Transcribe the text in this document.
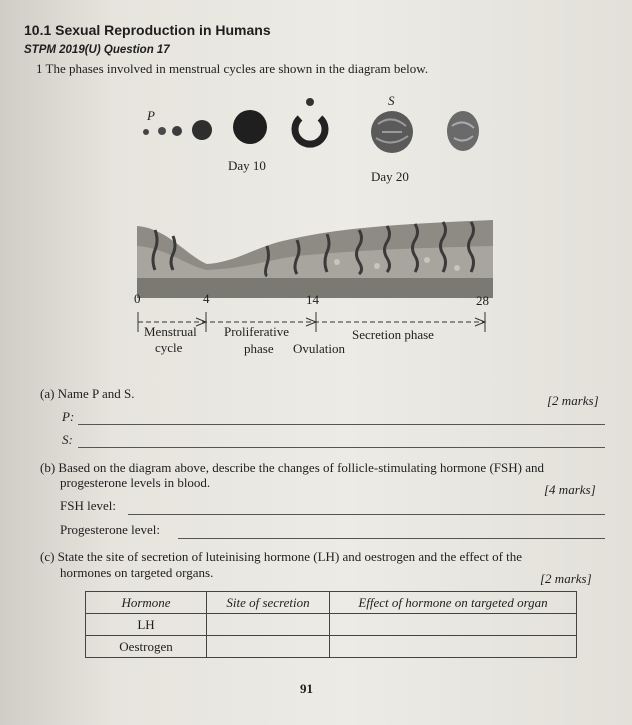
10.1 Sexual Reproduction in Humans
STPM 2019(U) Question 17
1 The phases involved in menstrual cycles are shown in the diagram below.
P
S
Day 10
Day 20
0	4	14	28
Menstrual
cycle
Proliferative
phase Ovulation
Secretion phase
(a) Name P and S.	[2 marks]
P:
S:
(b) Based on the diagram above, describe the changes of follicle-stimulating hormone (FSH) and
progesterone levels in blood.	[4 marks]
FSH level:
Progesterone level:
(c) State the site of secretion of luteinising hormone (LH) and oestrogen and the effect of the
hormones on targeted organs.	[2 marks]
Hormone	Site of secretion	Effect of hormone on targeted organ
LH		
Oestrogen		
91
